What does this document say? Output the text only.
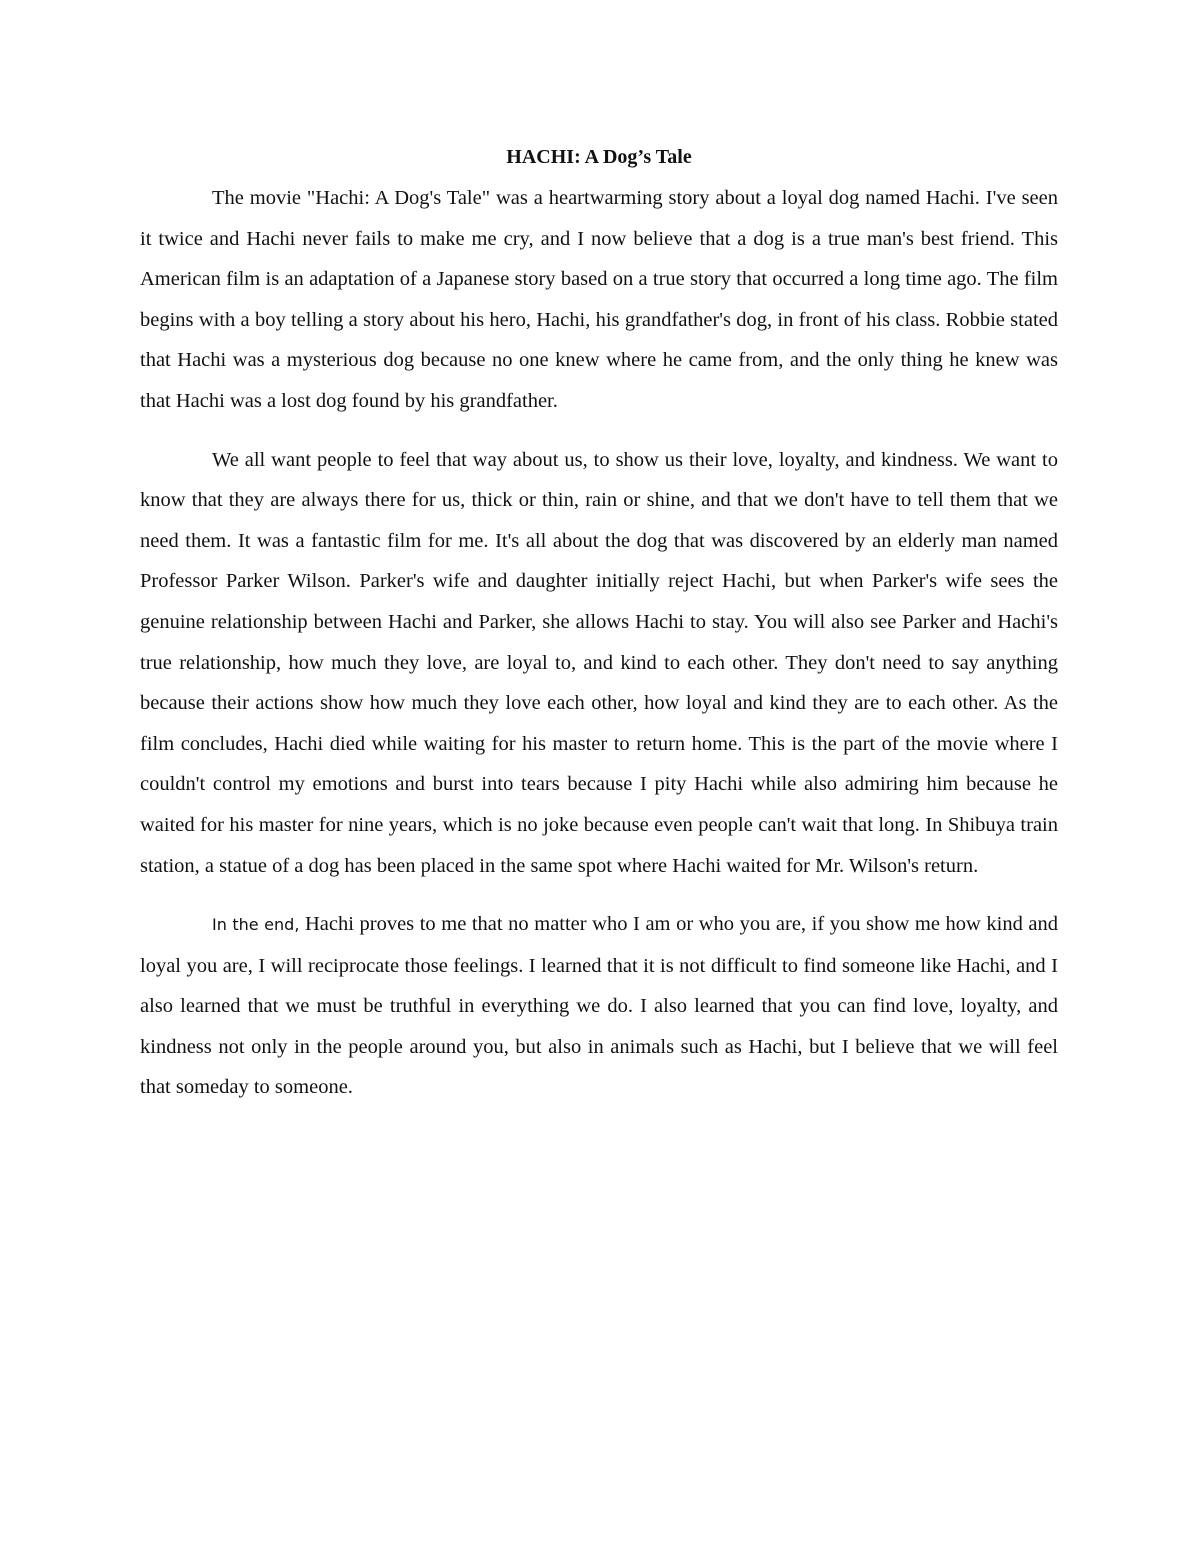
HACHI: A Dog’s Tale

The movie "Hachi: A Dog's Tale" was a heartwarming story about a loyal dog named Hachi. I've seen it twice and Hachi never fails to make me cry, and I now believe that a dog is a true man's best friend. This American film is an adaptation of a Japanese story based on a true story that occurred a long time ago. The film begins with a boy telling a story about his hero, Hachi, his grandfather's dog, in front of his class. Robbie stated that Hachi was a mysterious dog because no one knew where he came from, and the only thing he knew was that Hachi was a lost dog found by his grandfather.

We all want people to feel that way about us, to show us their love, loyalty, and kindness. We want to know that they are always there for us, thick or thin, rain or shine, and that we don't have to tell them that we need them. It was a fantastic film for me. It's all about the dog that was discovered by an elderly man named Professor Parker Wilson. Parker's wife and daughter initially reject Hachi, but when Parker's wife sees the genuine relationship between Hachi and Parker, she allows Hachi to stay. You will also see Parker and Hachi's true relationship, how much they love, are loyal to, and kind to each other. They don't need to say anything because their actions show how much they love each other, how loyal and kind they are to each other. As the film concludes, Hachi died while waiting for his master to return home. This is the part of the movie where I couldn't control my emotions and burst into tears because I pity Hachi while also admiring him because he waited for his master for nine years, which is no joke because even people can't wait that long. In Shibuya train station, a statue of a dog has been placed in the same spot where Hachi waited for Mr. Wilson's return.

In the end, Hachi proves to me that no matter who I am or who you are, if you show me how kind and loyal you are, I will reciprocate those feelings. I learned that it is not difficult to find someone like Hachi, and I also learned that we must be truthful in everything we do. I also learned that you can find love, loyalty, and kindness not only in the people around you, but also in animals such as Hachi, but I believe that we will feel that someday to someone.
